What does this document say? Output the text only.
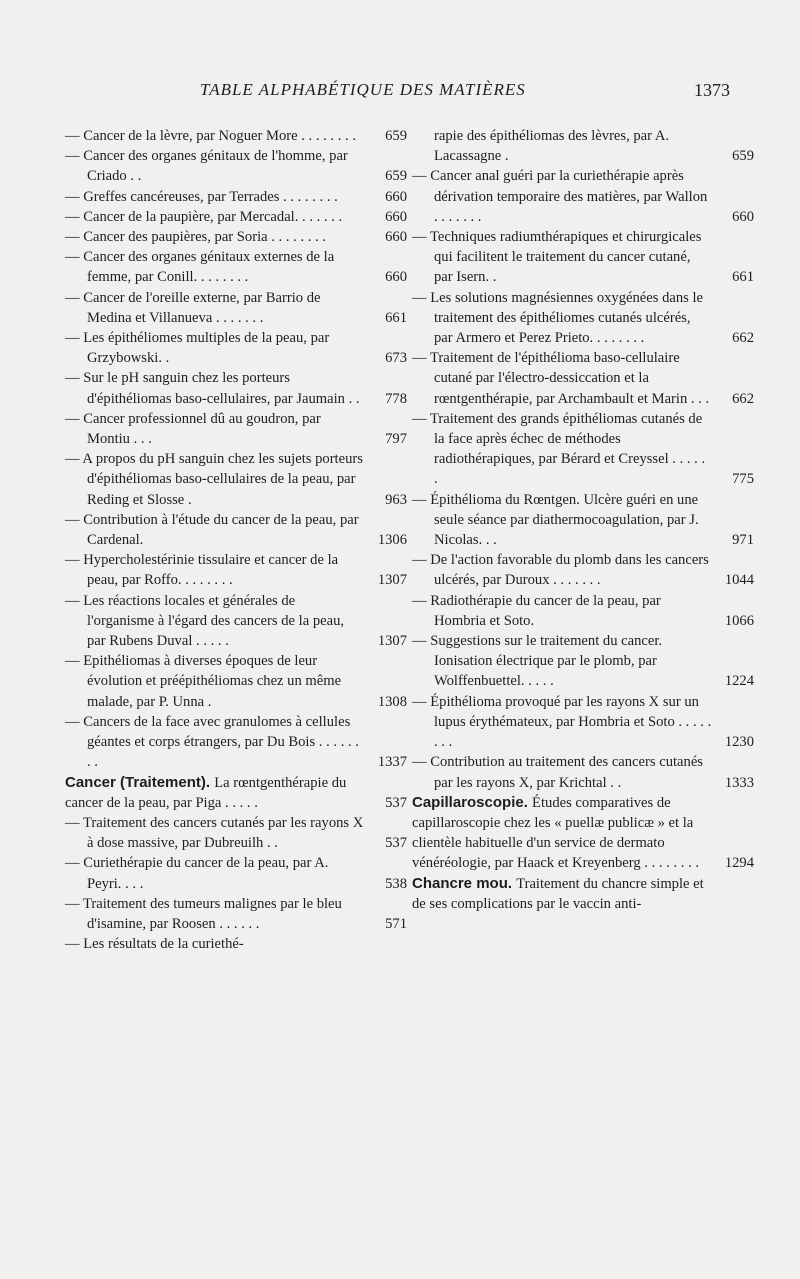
TABLE ALPHABÉTIQUE DES MATIÈRES	1373
— Cancer de la lèvre, par Noguer More . . . . . . . . 659
— Cancer des organes génitaux de l'homme, par Criado . .	659
— Greffes cancéreuses, par Terrades . . . . . . . .	660
— Cancer de la paupière, par Mercadal. . . . . . .	660
— Cancer des paupières, par Soria . . . . . . . .	660
— Cancer des organes génitaux externes de la femme, par Conill. . . . . . . .	660
— Cancer de l'oreille externe, par Barrio de Medina et Villanueva . . . . . . .	661
— Les épithéliomes multiples de la peau, par Grzybowski. .	673
— Sur le pH sanguin chez les porteurs d'épithéliomas baso-cellulaires, par Jaumain . . 778
— Cancer professionnel dû au goudron, par Montiu . . .	797
— A propos du pH sanguin chez les sujets porteurs d'épithéliomas baso-cellulaires de la peau, par Reding et Slosse .	963
— Contribution à l'étude du cancer de la peau, par Cardenal.	1306
— Hypercholestérinie tissulaire et cancer de la peau, par Roffo. . . . . . . .	1307
— Les réactions locales et générales de l'organisme à l'égard des cancers de la peau, par Rubens Duval . . . . .	1307
— Epithéliomas à diverses époques de leur évolution et préépithéliomas chez un même malade, par P. Unna .	1308
— Cancers de la face avec granulomes à cellules géantes et corps étrangers, par Du Bois . . . . . . . .	1337
Cancer (Traitement). La rœntgenthérapie du cancer de la peau, par Piga . . . . .	537
— Traitement des cancers cutanés par les rayons X à dose massive, par Dubreuilh . .	537
— Curiethérapie du cancer de la peau, par A. Peyri. . . .	538
— Traitement des tumeurs malignes par le bleu d'isamine, par Roosen . . . . . .	571
— Les résultats de la curiethé-
rapie des épithéliomas des lèvres, par A. Lacassagne .	659
— Cancer anal guéri par la curiethérapie après dérivation temporaire des matières, par Wallon . . . . . . .	660
— Techniques radiumthérapiques et chirurgicales qui facilitent le traitement du cancer cutané, par Isern. .	661
— Les solutions magnésiennes oxygénées dans le traitement des épithéliomes cutanés ulcérés, par Armero et Perez Prieto. . . . . . . .	662
— Traitement de l'épithélioma baso-cellulaire cutané par l'électro-dessiccation et la rœntgenthérapie, par Archambault et Marin . . . 662
— Traitement des grands épithéliomas cutanés de la face après échec de méthodes radiothérapiques, par Bérard et Creyssel . . . . . .	775
— Épithélioma du Rœntgen. Ulcère guéri en une seule séance par diathermocoagulation, par J. Nicolas. . .	971
— De l'action favorable du plomb dans les cancers ulcérés, par Duroux . . . . . . .	1044
— Radiothérapie du cancer de la peau, par Hombria et Soto.	1066
— Suggestions sur le traitement du cancer. Ionisation électrique par le plomb, par Wolffenbuettel. . . . .	1224
— Épithélioma provoqué par les rayons X sur un lupus érythémateux, par Hombria et Soto . . . . . . . .	1230
— Contribution au traitement des cancers cutanés par les rayons X, par Krichtal . .	1333
Capillaroscopie. Études comparatives de capillaroscopie chez les « puellæ publicæ » et la clientèle habituelle d'un service de dermato vénéréologie, par Haack et Kreyenberg . . . . . . . . 1294
Chancre mou. Traitement du chancre simple et de ses complications par le vaccin anti-
